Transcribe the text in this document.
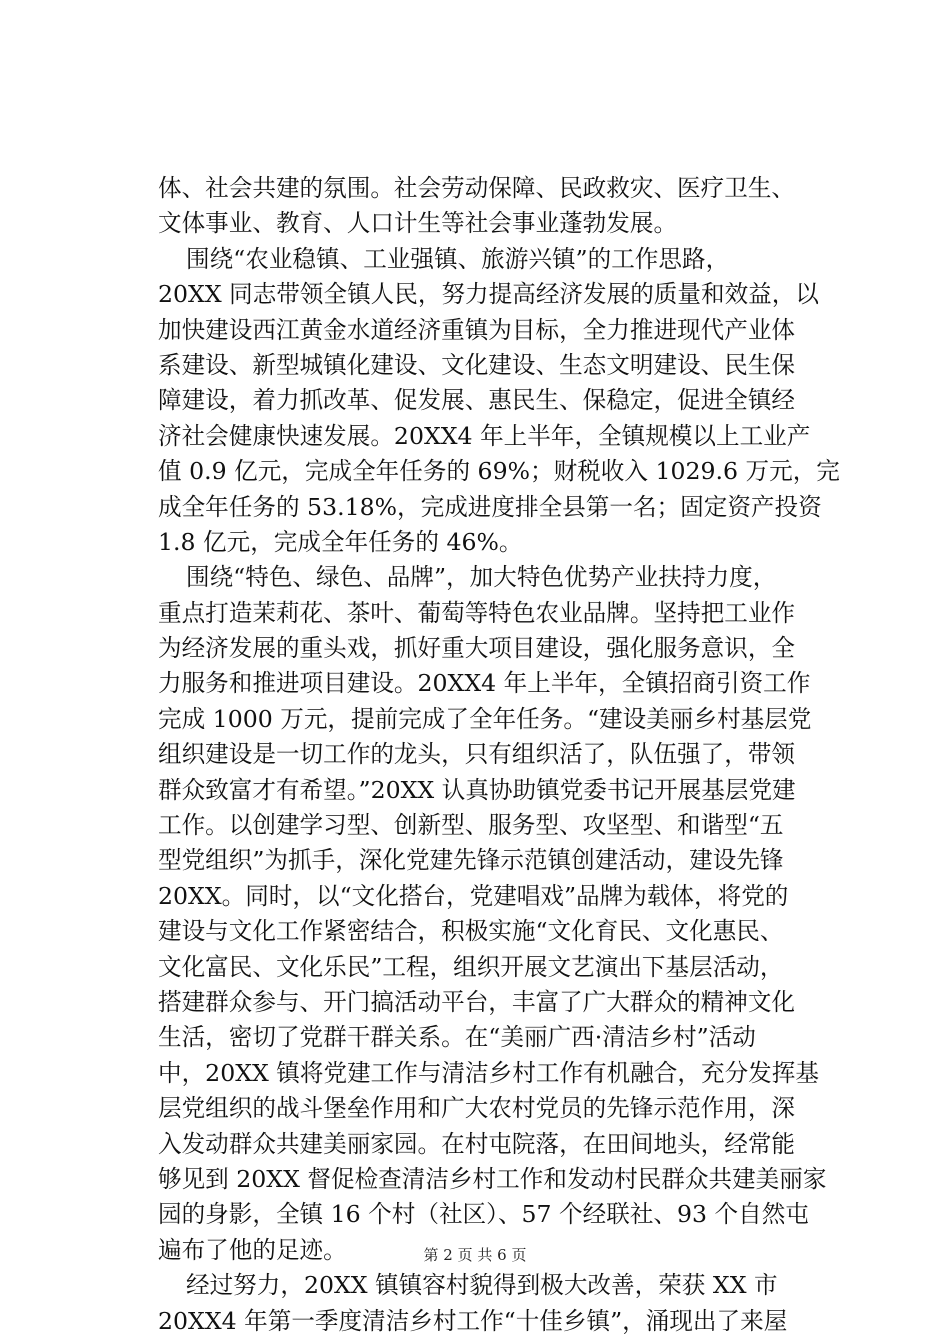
体、社会共建的氛围。社会劳动保障、民政救灾、医疗卫生、
文体事业、教育、人口计生等社会事业蓬勃发展。
围绕“农业稳镇、工业强镇、旅游兴镇”的工作思路，
20XX 同志带领全镇人民，努力提高经济发展的质量和效益，以
加快建设西江黄金水道经济重镇为目标，全力推进现代产业体
系建设、新型城镇化建设、文化建设、生态文明建设、民生保
障建设，着力抓改革、促发展、惠民生、保稳定，促进全镇经
济社会健康快速发展。20XX4 年上半年，全镇规模以上工业产
值 0.9 亿元，完成全年任务的 69%；财税收入 1029.6 万元，完
成全年任务的 53.18%，完成进度排全县第一名；固定资产投资
1.8 亿元，完成全年任务的 46%。
围绕“特色、绿色、品牌”，加大特色优势产业扶持力度，
重点打造茉莉花、茶叶、葡萄等特色农业品牌。坚持把工业作
为经济发展的重头戏，抓好重大项目建设，强化服务意识，全
力服务和推进项目建设。20XX4 年上半年，全镇招商引资工作
完成 1000 万元，提前完成了全年任务。“建设美丽乡村基层党
组织建设是一切工作的龙头，只有组织活了，队伍强了，带领
群众致富才有希望。”20XX 认真协助镇党委书记开展基层党建
工作。以创建学习型、创新型、服务型、攻坚型、和谐型“五
型党组织”为抓手，深化党建先锋示范镇创建活动，建设先锋
20XX。同时，以“文化搭台，党建唱戏”品牌为载体，将党的
建设与文化工作紧密结合，积极实施“文化育民、文化惠民、
文化富民、文化乐民”工程，组织开展文艺演出下基层活动，
搭建群众参与、开门搞活动平台，丰富了广大群众的精神文化
生活，密切了党群干群关系。在“美丽广西·清洁乡村”活动
中，20XX 镇将党建工作与清洁乡村工作有机融合，充分发挥基
层党组织的战斗堡垒作用和广大农村党员的先锋示范作用，深
入发动群众共建美丽家园。在村屯院落，在田间地头，经常能
够见到 20XX 督促检查清洁乡村工作和发动村民群众共建美丽家
园的身影，全镇 16 个村（社区）、57 个经联社、93 个自然屯
遍布了他的足迹。
经过努力，20XX 镇镇容村貌得到极大改善，荣获 XX 市
20XX4 年第一季度清洁乡村工作“十佳乡镇”，涌现出了来屋
第 2 页 共 6 页
